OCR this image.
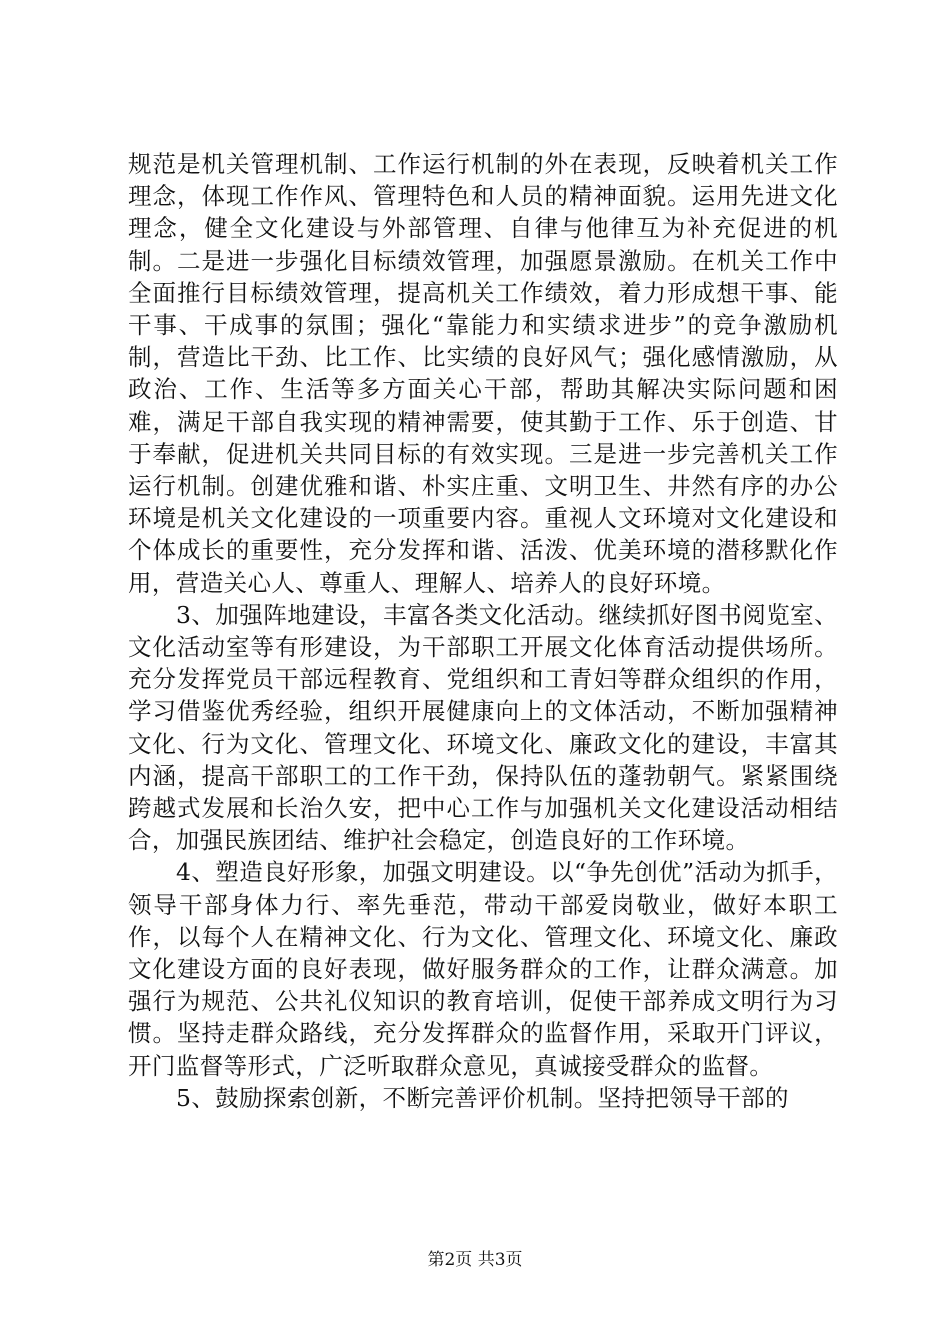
规范是机关管理机制、工作运行机制的外在表现，反映着机关工作理念，体现工作作风、管理特色和人员的精神面貌。运用先进文化理念，健全文化建设与外部管理、自律与他律互为补充促进的机制。二是进一步强化目标绩效管理，加强愿景激励。在机关工作中全面推行目标绩效管理，提高机关工作绩效，着力形成想干事、能干事、干成事的氛围；强化“靠能力和实绩求进步”的竞争激励机制，营造比干劲、比工作、比实绩的良好风气；强化感情激励，从政治、工作、生活等多方面关心干部，帮助其解决实际问题和困难，满足干部自我实现的精神需要，使其勤于工作、乐于创造、甘于奉献，促进机关共同目标的有效实现。三是进一步完善机关工作运行机制。创建优雅和谐、朴实庄重、文明卫生、井然有序的办公环境是机关文化建设的一项重要内容。重视人文环境对文化建设和个体成长的重要性，充分发挥和谐、活泼、优美环境的潜移默化作用，营造关心人、尊重人、理解人、培养人的良好环境。

3、加强阵地建设，丰富各类文化活动。继续抓好图书阅览室、文化活动室等有形建设，为干部职工开展文化体育活动提供场所。充分发挥党员干部远程教育、党组织和工青妇等群众组织的作用，学习借鉴优秀经验，组织开展健康向上的文体活动，不断加强精神文化、行为文化、管理文化、环境文化、廉政文化的建设，丰富其内涵，提高干部职工的工作干劲，保持队伍的蓬勃朝气。紧紧围绕跨越式发展和长治久安，把中心工作与加强机关文化建设活动相结合，加强民族团结、维护社会稳定，创造良好的工作环境。

4、塑造良好形象，加强文明建设。以“争先创优”活动为抓手，领导干部身体力行、率先垂范，带动干部爱岗敬业，做好本职工作，以每个人在精神文化、行为文化、管理文化、环境文化、廉政文化建设方面的良好表现，做好服务群众的工作，让群众满意。加强行为规范、公共礼仪知识的教育培训，促使干部养成文明行为习惯。坚持走群众路线，充分发挥群众的监督作用，采取开门评议，开门监督等形式，广泛听取群众意见，真诚接受群众的监督。

5、鼓励探索创新，不断完善评价机制。坚持把领导干部的

第2页 共3页
